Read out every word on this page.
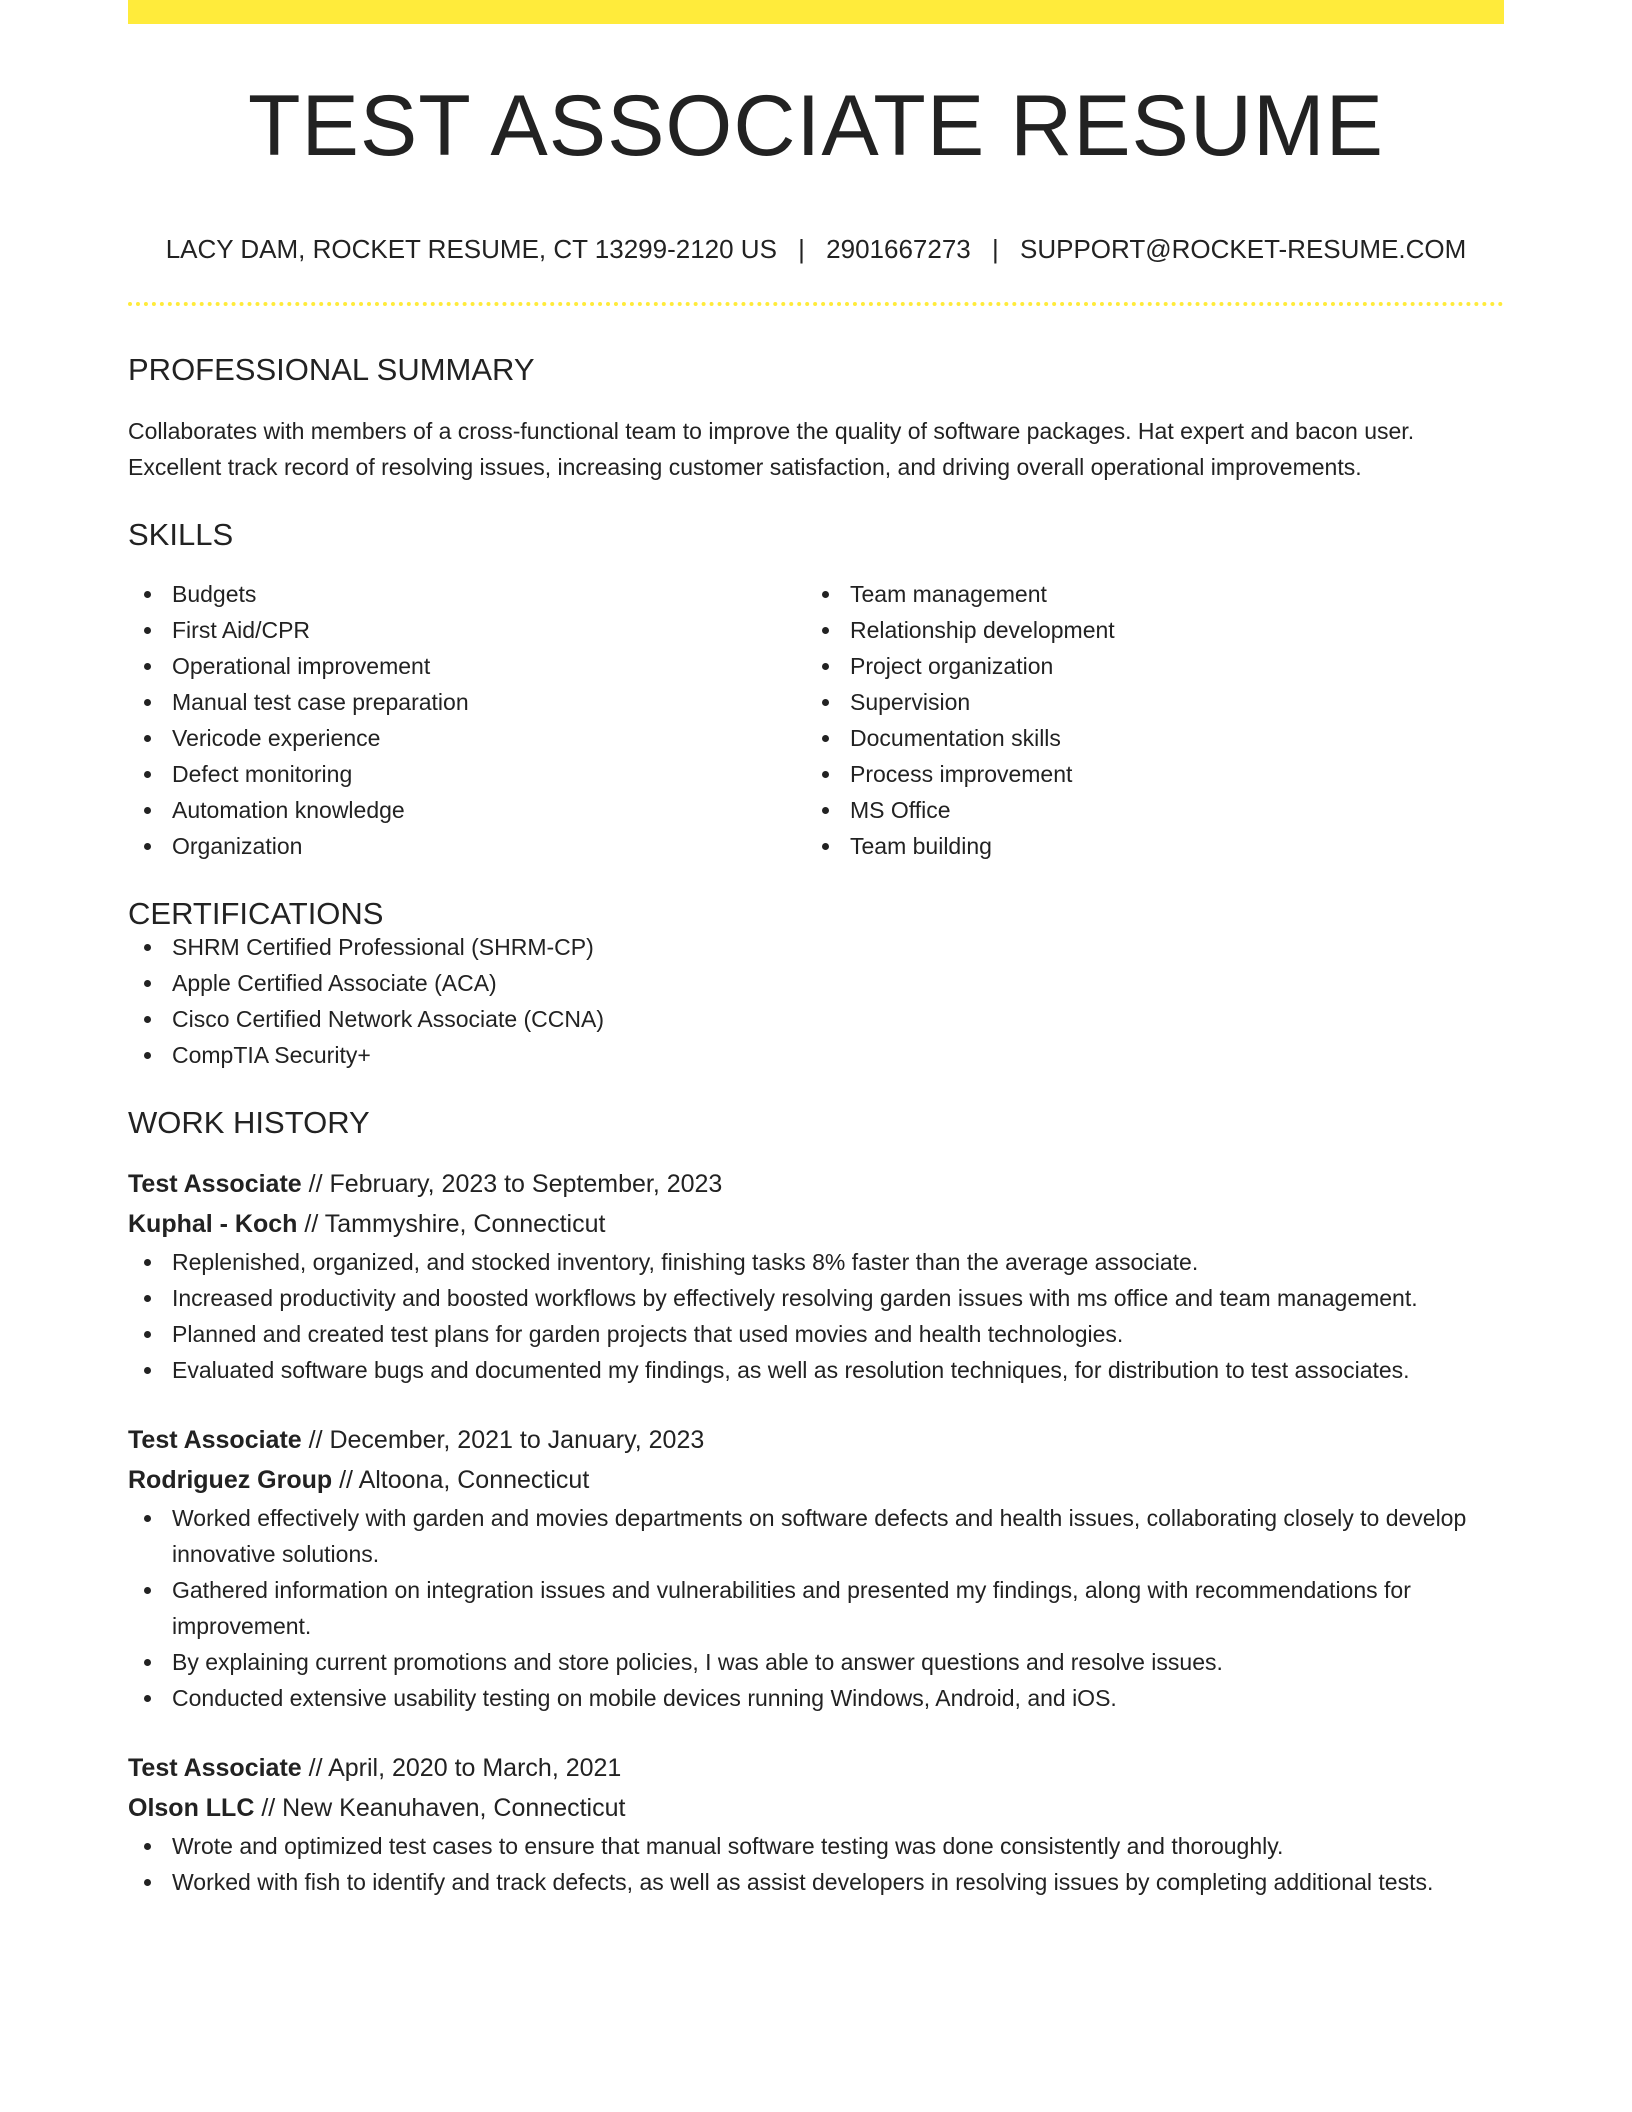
TEST ASSOCIATE RESUME
LACY DAM, ROCKET RESUME, CT 13299-2120 US | 2901667273 | SUPPORT@ROCKET-RESUME.COM
PROFESSIONAL SUMMARY

Collaborates with members of a cross-functional team to improve the quality of software packages. Hat expert and bacon user. Excellent track record of resolving issues, increasing customer satisfaction, and driving overall operational improvements.

SKILLS
Budgets
First Aid/CPR
Operational improvement
Manual test case preparation
Vericode experience
Defect monitoring
Automation knowledge
Organization
Team management
Relationship development
Project organization
Supervision
Documentation skills
Process improvement
MS Office
Team building
CERTIFICATIONS
SHRM Certified Professional (SHRM-CP)
Apple Certified Associate (ACA)
Cisco Certified Network Associate (CCNA)
CompTIA Security+
WORK HISTORY
Test Associate // February, 2023 to September, 2023
Kuphal - Koch // Tammyshire, Connecticut
Replenished, organized, and stocked inventory, finishing tasks 8% faster than the average associate.
Increased productivity and boosted workflows by effectively resolving garden issues with ms office and team management.
Planned and created test plans for garden projects that used movies and health technologies.
Evaluated software bugs and documented my findings, as well as resolution techniques, for distribution to test associates.
Test Associate // December, 2021 to January, 2023
Rodriguez Group // Altoona, Connecticut
Worked effectively with garden and movies departments on software defects and health issues, collaborating closely to develop innovative solutions.
Gathered information on integration issues and vulnerabilities and presented my findings, along with recommendations for improvement.
By explaining current promotions and store policies, I was able to answer questions and resolve issues.
Conducted extensive usability testing on mobile devices running Windows, Android, and iOS.
Test Associate // April, 2020 to March, 2021
Olson LLC // New Keanuhaven, Connecticut
Wrote and optimized test cases to ensure that manual software testing was done consistently and thoroughly.
Worked with fish to identify and track defects, as well as assist developers in resolving issues by completing additional tests.
